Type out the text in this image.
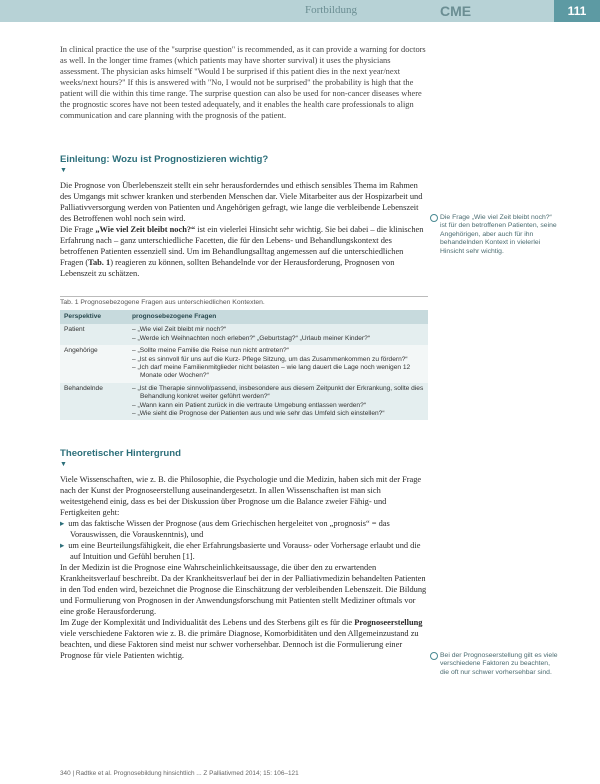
Fortbildung	CME	111

In clinical practice the use of the "surprise question" is recommended, as it can provide a warning for doctors as well. In the longer time frames (which patients may have shorter survival) it uses the physicians assessment. The physician asks himself "Would I be surprised if this patient dies in the next year/next weeks/next hours?" If this is answered with "No, I would not be surprised" the probability is high that the patient will die within this time range. The surprise question can also be used for non-cancer diseases where the prognostic scores have not been tested adequately, and it enables the health care professionals to align communication and care planning with the prognosis of the patient.

Einleitung: Wozu ist Prognostizieren wichtig?
▼

Die Prognose von Überlebenszeit stellt ein sehr herausforderndes und ethisch sensibles Thema im Rahmen des Umgangs mit schwer kranken und sterbenden Menschen dar. Viele Mitarbeiter aus der Hospizarbeit und Palliativversorgung werden von Patienten und Angehörigen gefragt, wie lange die verbleibende Lebenszeit des Betroffenen wohl noch sein wird.

Die Frage „Wie viel Zeit bleibt noch?“ ist ein vielerlei Hinsicht sehr wichtig. Sie bei dabei – die klinischen Erfahrung nach – ganz unterschiedliche Facetten, die für den Lebens- und Behandlungskontext des betroffenen Patienten essenziell sind. Um im Behandlungsalltag angemessen auf die unterschiedlichen Fragen (Tab. 1) reagieren zu können, sollten Behandelnde vor der Herausforderung, Prognosen von Lebenszeit zu schätzen.

Die Frage „Wie viel Zeit bleibt noch?“ ist für den betroffenen Patienten, seine Angehörigen, aber auch für ihn behandelnden Kontext in vielerlei Hinsicht sehr wichtig.

Tab. 1 Prognosebezogene Fragen aus unterschiedlichen Kontexten.
Perspektive	prognosebezogene Fragen
Patient	– „Wie viel Zeit bleibt mir noch?“
– „Werde ich Weihnachten noch erleben?“ „Geburtstag?“ „Urlaub meiner Kinder?“

Angehörige	– „Sollte meine Familie die Reise nun nicht antreten?“
– „Ist es sinnvoll für uns auf die Kurz- Pflege Sitzung, um das Zusammenkommen zu fördern?“
– „Ich darf meine Familienmitglieder nicht belasten – wie lang dauert die Lage noch wenigen 12 Monate oder Wochen?“

Behandelnde	– „Ist die Therapie sinnvoll/passend, insbesondere aus diesem Zeitpunkt der Erkrankung, sollte dies Behandlung konkret weiter geführt werden?“
– „Wann kann ein Patient zurück in die vertraute Umgebung entlassen werden?“
– „Wie sieht die Prognose der Patienten aus und wie sehr das Umfeld sich einstellen?“
Theoretischer Hintergrund
▼

Viele Wissenschaften, wie z. B. die Philosophie, die Psychologie und die Medizin, haben sich mit der Frage nach der Kunst der Prognoseerstellung auseinandergesetzt. In allen Wissenschaften ist man sich weitestgehend einig, dass es bei der Diskussion über Prognose um die Balance zweier Fähig- und Fertigkeiten geht:

▸ um das faktische Wissen der Prognose (aus dem Griechischen hergeleitet von „prognosis“ = das Vorauswissen, die Vorauskenntnis), und
▸ um eine Beurteilungsfähigkeit, die eher Erfahrungsbasierte und Vorauss- oder Vorhersage erlaubt und die auf Intuition und Gefühl beruhen [1].

In der Medizin ist die Prognose eine Wahrscheinlichkeitsaussage, die über den zu erwartenden Krankheitsverlauf beschreibt. Da der Krankheitsverlauf bei der in der Palliativmedizin behandelten Patienten in den Tod enden wird, bezeichnet die Prognose die Einschätzung der verbleibenden Lebenszeit. Die Bildung und Formulierung von Prognosen in der Anwendungsforschung mit Patienten stellt Mediziner oftmals vor eine große Herausforderung.

Im Zuge der Komplexität und Individualität des Lebens und des Sterbens gilt es für die Prognoseerstellung viele verschiedene Faktoren wie z. B. die primäre Diagnose, Komorbiditäten und den Allgemeinzustand zu beachten, und diese Faktoren sind meist nur schwer vorhersehbar. Dennoch ist die Formulierung einer Prognose für viele Patienten wichtig.	Bei der Prognoseerstellung gilt es viele verschiedene Faktoren zu beachten, die oft nur schwer vorhersehbar sind.

340 | Radtke et al. Prognosebildung hinsichtlich ... Z Palliativmed 2014; 15: 106–121
